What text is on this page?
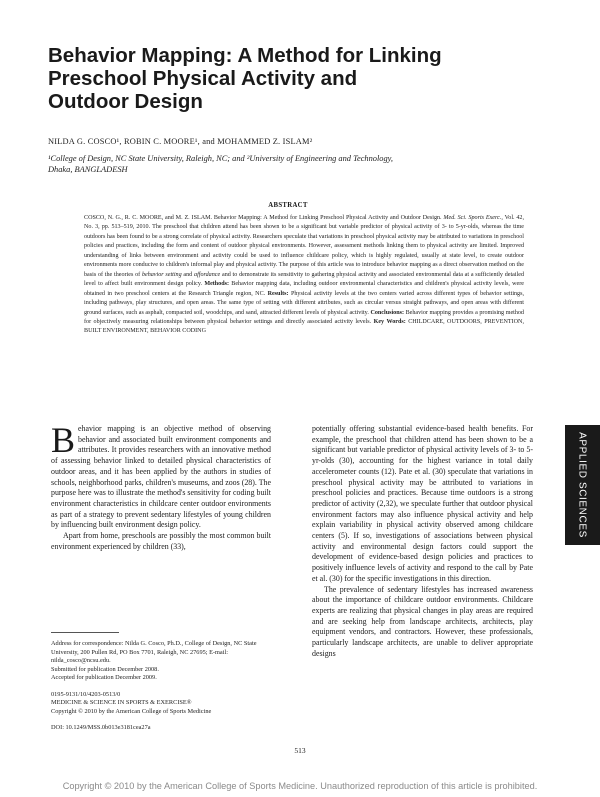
Behavior Mapping: A Method for Linking
Preschool Physical Activity and
Outdoor Design
NILDA G. COSCO¹, ROBIN C. MOORE¹, and MOHAMMED Z. ISLAM²
¹College of Design, NC State University, Raleigh, NC; and ²University of Engineering and Technology,
Dhaka, BANGLADESH
ABSTRACT
COSCO, N. G., R. C. MOORE, and M. Z. ISLAM. Behavior Mapping: A Method for Linking Preschool Physical Activity and Outdoor Design. Med. Sci. Sports Exerc., Vol. 42, No. 3, pp. 513–519, 2010. The preschool that children attend has been shown to be a significant but variable predictor of physical activity of 3- to 5-yr-olds, whereas the time outdoors has been found to be a strong correlate of physical activity. Researchers speculate that variations in preschool physical activity may be attributed to variations in preschool policies and practices, including the form and content of outdoor physical environments. However, assessment methods linking them to physical activity are limited. Improved understanding of links between environment and activity could be used to influence childcare policy, which is highly regulated, usually at state level, to create outdoor environments more conducive to children's informal play and physical activity. The purpose of this article was to introduce behavior mapping as a direct observation method on the basis of the theories of behavior setting and affordance and to demonstrate its sensitivity to gathering physical activity and associated environmental data at a sufficiently detailed level to affect built environment design policy. Methods: Behavior mapping data, including outdoor environmental characteristics and children's physical activity levels, were obtained in two preschool centers at the Research Triangle region, NC. Results: Physical activity levels at the two centers varied across different types of behavior settings, including pathways, play structures, and open areas. The same type of setting with different attributes, such as circular versus straight pathways, and open areas with different ground surfaces, such as asphalt, compacted soil, woodchips, and sand, attracted different levels of physical activity. Conclusions: Behavior mapping provides a promising method for objectively measuring relationships between physical behavior settings and directly associated activity levels. Key Words: CHILDCARE, OUTDOORS, PREVENTION, BUILT ENVIRONMENT, BEHAVIOR CODING
APPLIED SCIENCES

Behavior mapping is an objective method of observing behavior and associated built environment components and attributes. It provides researchers with an innovative method of assessing behavior linked to detailed physical characteristics of outdoor areas, and it has been applied by the authors in studies of schools, neighborhood parks, children's museums, and zoos (28). The purpose here was to illustrate the method's sensitivity for coding built environment characteristics in childcare center outdoor environments as part of a strategy to prevent sedentary lifestyles of young children by influencing built environment design policy.

Apart from home, preschools are possibly the most common built environment experienced by children (33),

potentially offering substantial evidence-based health benefits. For example, the preschool that children attend has been shown to be a significant but variable predictor of physical activity levels of 3- to 5-yr-olds (30), accounting for the highest variance in total daily accelerometer counts (12). Pate et al. (30) speculate that variations in preschool physical activity may be attributed to variations in preschool policies and practices. Because time outdoors is a strong predictor of activity (2,32), we speculate further that outdoor physical environment factors may also influence physical activity and help explain variability in physical activity observed among childcare centers (5). If so, investigations of associations between physical activity and environmental design factors could support the development of evidence-based design policies and practices to positively influence levels of activity and respond to the call by Pate et al. (30) for the specific investigations in this direction.

The prevalence of sedentary lifestyles has increased awareness about the importance of childcare outdoor environments. Childcare experts are realizing that physical changes in play areas are required and are seeking help from landscape architects, architects, play equipment vendors, and contractors. However, these professionals, particularly landscape architects, are unable to deliver appropriate designs

Address for correspondence: Nilda G. Cosco, Ph.D., College of Design, NC State University, 200 Pullen Rd, PO Box 7701, Raleigh, NC 27695; E-mail: nilda_cosco@ncsu.edu.
Submitted for publication December 2008.
Accepted for publication December 2009.
0195-9131/10/4203-0513/0
MEDICINE & SCIENCE IN SPORTS & EXERCISE®
Copyright © 2010 by the American College of Sports Medicine
DOI: 10.1249/MSS.0b013e3181cea27a
513
Copyright © 2010 by the American College of Sports Medicine. Unauthorized reproduction of this article is prohibited.
